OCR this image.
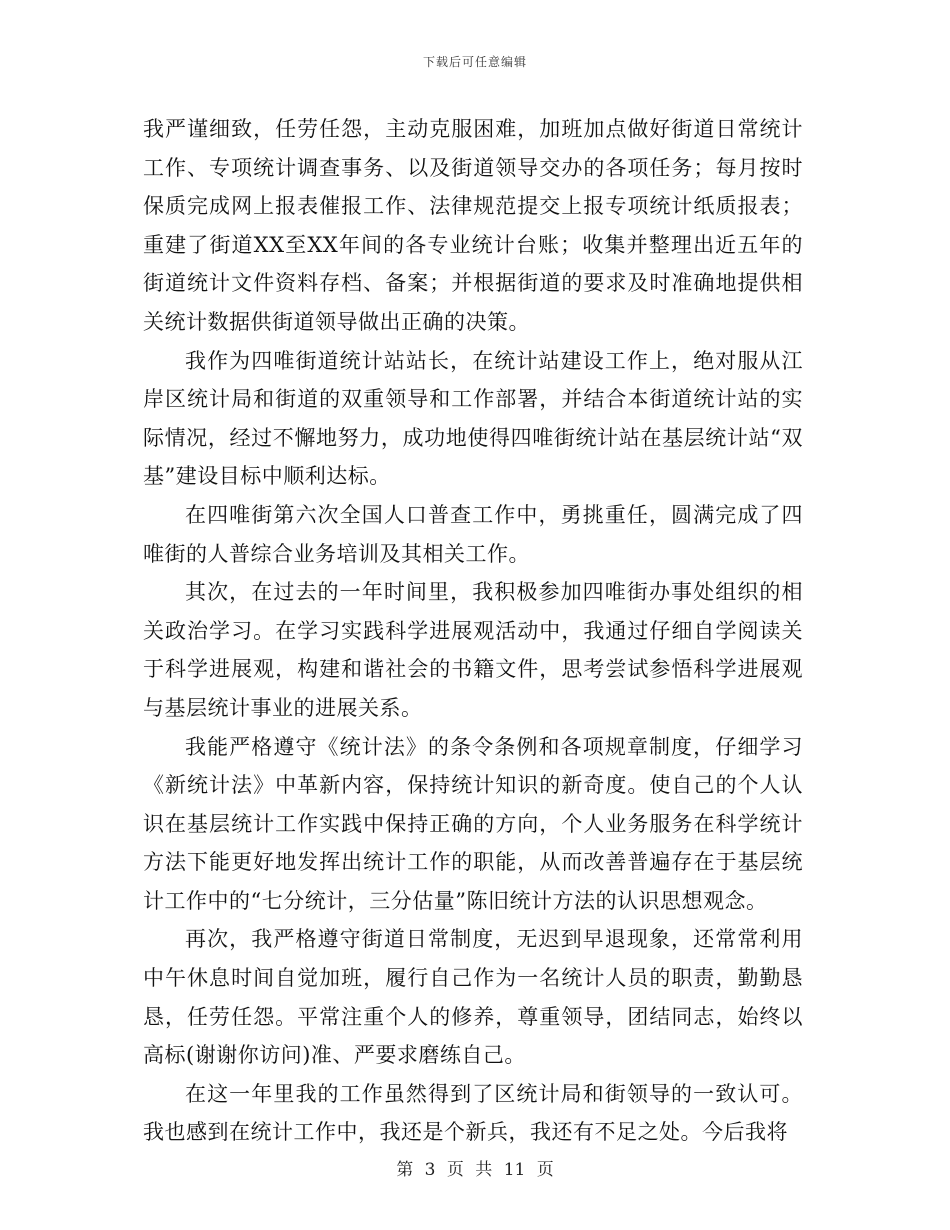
下载后可任意编辑

我严谨细致，任劳任怨，主动克服困难，加班加点做好街道日常统计工作、专项统计调查事务、以及街道领导交办的各项任务；每月按时保质完成网上报表催报工作、法律规范提交上报专项统计纸质报表；重建了街道XX至XX年间的各专业统计台账；收集并整理出近五年的街道统计文件资料存档、备案；并根据街道的要求及时准确地提供相关统计数据供街道领导做出正确的决策。

我作为四唯街道统计站站长，在统计站建设工作上，绝对服从江岸区统计局和街道的双重领导和工作部署，并结合本街道统计站的实际情况，经过不懈地努力，成功地使得四唯街统计站在基层统计站“双基”建设目标中顺利达标。

在四唯街第六次全国人口普查工作中，勇挑重任，圆满完成了四唯街的人普综合业务培训及其相关工作。

其次，在过去的一年时间里，我积极参加四唯街办事处组织的相关政治学习。在学习实践科学进展观活动中，我通过仔细自学阅读关于科学进展观，构建和谐社会的书籍文件，思考尝试参悟科学进展观与基层统计事业的进展关系。

我能严格遵守《统计法》的条令条例和各项规章制度，仔细学习《新统计法》中革新内容，保持统计知识的新奇度。使自己的个人认识在基层统计工作实践中保持正确的方向，个人业务服务在科学统计方法下能更好地发挥出统计工作的职能，从而改善普遍存在于基层统计工作中的“七分统计，三分估量”陈旧统计方法的认识思想观念。

再次，我严格遵守街道日常制度，无迟到早退现象，还常常利用中午休息时间自觉加班，履行自己作为一名统计人员的职责，勤勤恳恳，任劳任怨。平常注重个人的修养，尊重领导，团结同志，始终以高标(谢谢你访问)准、严要求磨练自己。

在这一年里我的工作虽然得到了区统计局和街领导的一致认可。我也感到在统计工作中，我还是个新兵，我还有不足之处。今后我将

第 3 页 共 11 页
